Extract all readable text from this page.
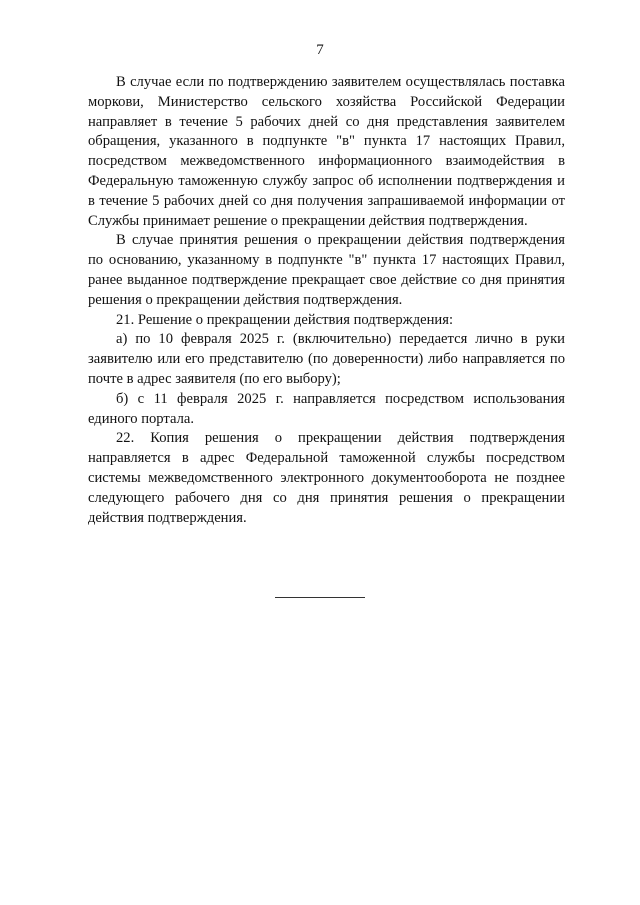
7

В случае если по подтверждению заявителем осуществлялась поставка моркови, Министерство сельского хозяйства Российской Федерации направляет в течение 5 рабочих дней со дня представления заявителем обращения, указанного в подпункте "в" пункта 17 настоящих Правил, посредством межведомственного информационного взаимодействия в Федеральную таможенную службу запрос об исполнении подтверждения и в течение 5 рабочих дней со дня получения запрашиваемой информации от Службы принимает решение о прекращении действия подтверждения.

В случае принятия решения о прекращении действия подтверждения по основанию, указанному в подпункте "в" пункта 17 настоящих Правил, ранее выданное подтверждение прекращает свое действие со дня принятия решения о прекращении действия подтверждения.

21. Решение о прекращении действия подтверждения:

а) по 10 февраля 2025 г. (включительно) передается лично в руки заявителю или его представителю (по доверенности) либо направляется по почте в адрес заявителя (по его выбору);

б) с 11 февраля 2025 г. направляется посредством использования единого портала.

22. Копия решения о прекращении действия подтверждения направляется в адрес Федеральной таможенной службы посредством системы межведомственного электронного документооборота не позднее следующего рабочего дня со дня принятия решения о прекращении действия подтверждения.
